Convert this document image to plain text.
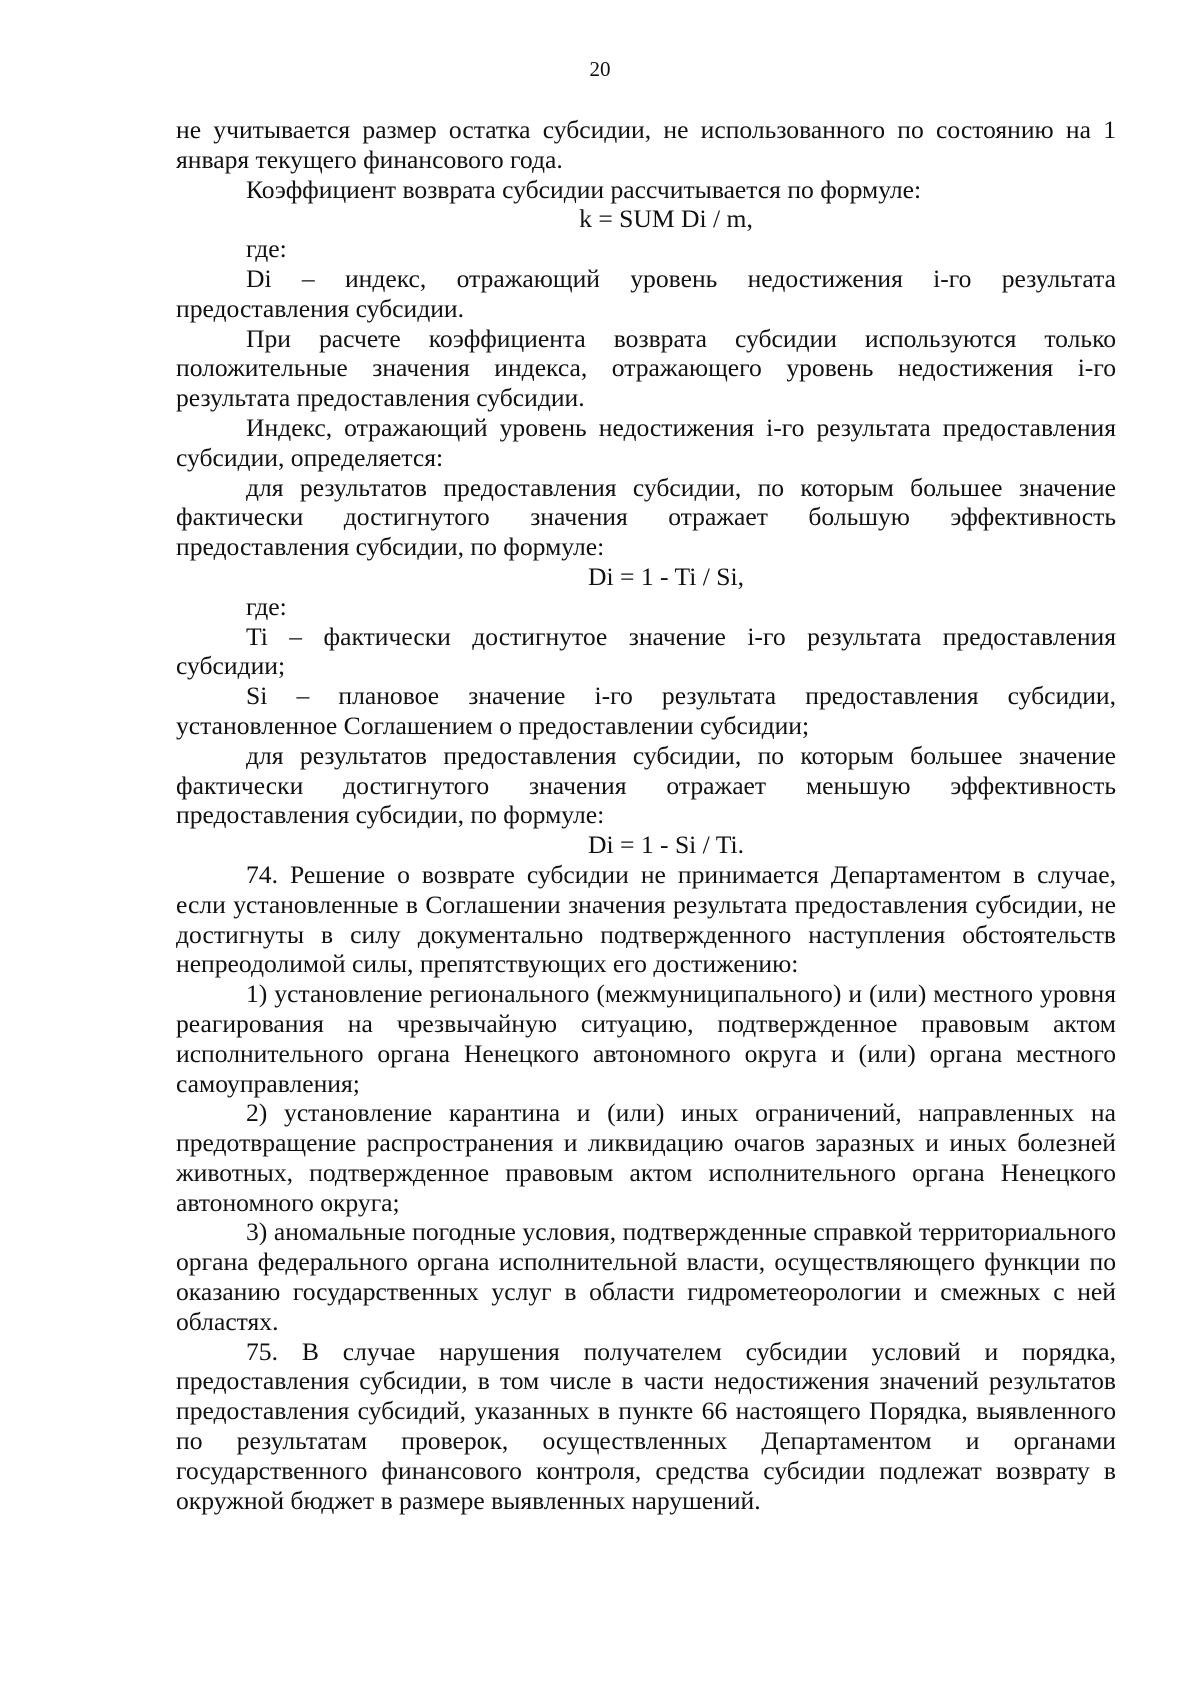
20

не учитывается размер остатка субсидии, не использованного по состоянию на 1 января текущего финансового года.

Коэффициент возврата субсидии рассчитывается по формуле:

k = SUM Di / m,

где:

Di – индекс, отражающий уровень недостижения i-го результата предоставления субсидии.

При расчете коэффициента возврата субсидии используются только положительные значения индекса, отражающего уровень недостижения i-го результата предоставления субсидии.

Индекс, отражающий уровень недостижения i-го результата предоставления субсидии, определяется:

для результатов предоставления субсидии, по которым большее значение фактически достигнутого значения отражает большую эффективность предоставления субсидии, по формуле:

Di = 1 - Ti / Si,

где:

Ti – фактически достигнутое значение i-го результата предоставления субсидии;

Si – плановое значение i-го результата предоставления субсидии, установленное Соглашением о предоставлении субсидии;

для результатов предоставления субсидии, по которым большее значение фактически достигнутого значения отражает меньшую эффективность предоставления субсидии, по формуле:

Di = 1 - Si / Ti.

74. Решение о возврате субсидии не принимается Департаментом в случае, если установленные в Соглашении значения результата предоставления субсидии, не достигнуты в силу документально подтвержденного наступления обстоятельств непреодолимой силы, препятствующих его достижению:

1) установление регионального (межмуниципального) и (или) местного уровня реагирования на чрезвычайную ситуацию, подтвержденное правовым актом исполнительного органа Ненецкого автономного округа и (или) органа местного самоуправления;

2) установление карантина и (или) иных ограничений, направленных на предотвращение распространения и ликвидацию очагов заразных и иных болезней животных, подтвержденное правовым актом исполнительного органа Ненецкого автономного округа;

3) аномальные погодные условия, подтвержденные справкой территориального органа федерального органа исполнительной власти, осуществляющего функции по оказанию государственных услуг в области гидрометеорологии и смежных с ней областях.

75. В случае нарушения получателем субсидии условий и порядка, предоставления субсидии, в том числе в части недостижения значений результатов предоставления субсидий, указанных в пункте 66 настоящего Порядка, выявленного по результатам проверок, осуществленных Департаментом и органами государственного финансового контроля, средства субсидии подлежат возврату в окружной бюджет в размере выявленных нарушений.
